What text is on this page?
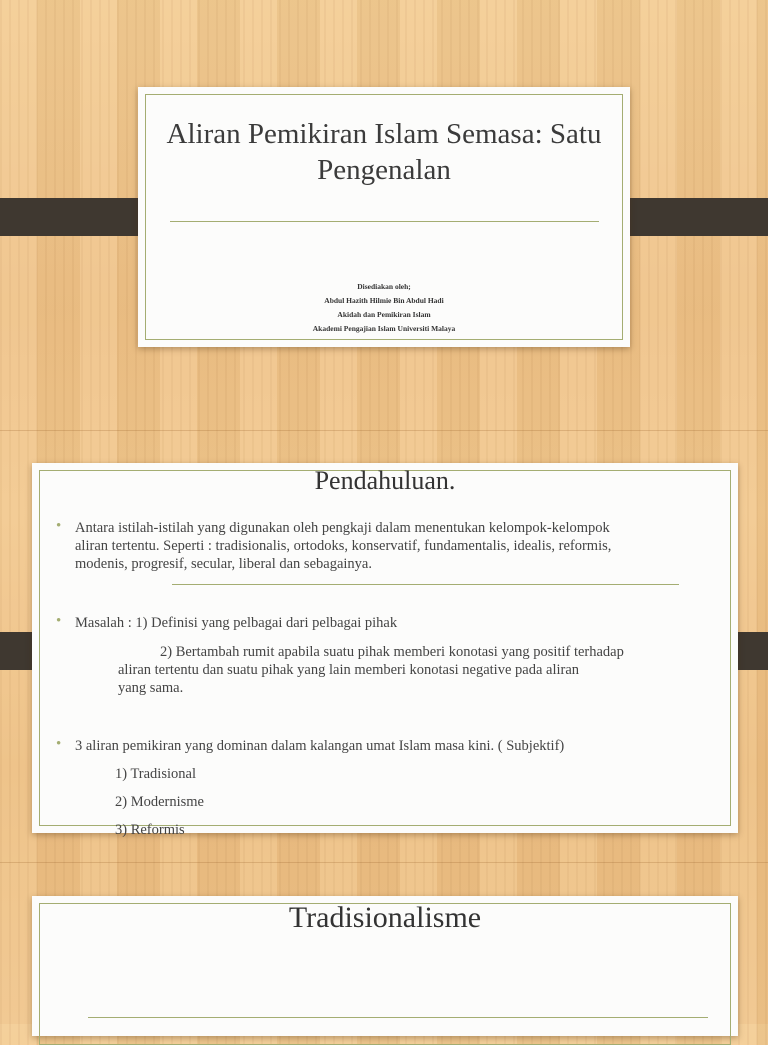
Aliran Pemikiran Islam Semasa: Satu
Pengenalan
Disediakan oleh;
Abdul Hazith Hilmie Bin Abdul Hadi
Akidah dan Pemikiran Islam
Akademi Pengajian Islam Universiti Malaya
Pendahuluan.
• Antara istilah-istilah yang digunakan oleh pengkaji dalam menentukan kelompok-kelompok
aliran tertentu. Seperti : tradisionalis, ortodoks, konservatif, fundamentalis, idealis, reformis,
modenis, progresif, secular, liberal dan sebagainya.
• Masalah : 1) Definisi yang pelbagai dari pelbagai pihak
2) Bertambah rumit apabila suatu pihak memberi konotasi yang positif terhadap
aliran tertentu dan suatu pihak yang lain memberi konotasi negative pada aliran
yang sama.
• 3 aliran pemikiran yang dominan dalam kalangan umat Islam masa kini. ( Subjektif)
1) Tradisional
2) Modernisme
3) Reformis
Tradisionalisme
